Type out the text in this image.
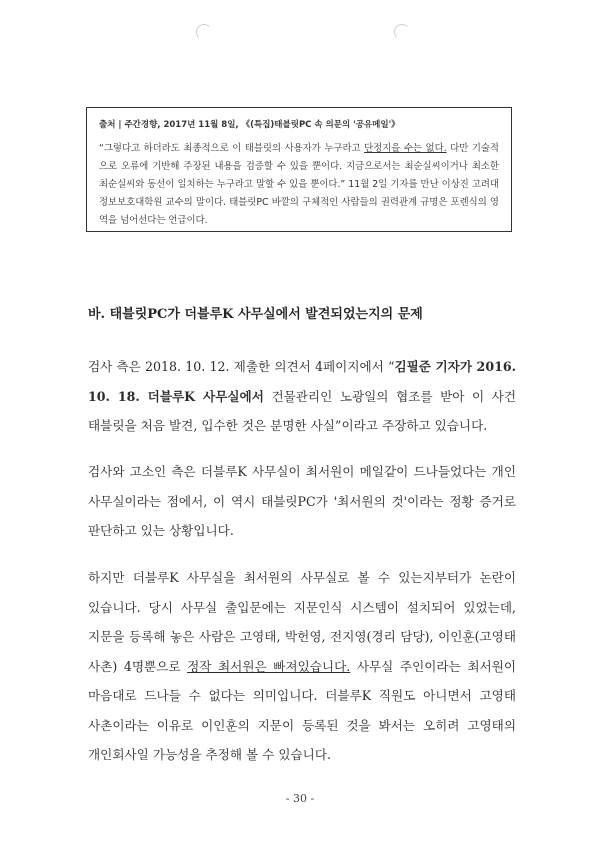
출처 | 주간경향, 2017년 11월 8일, 《(특집)태블릿PC 속 의문의 '공유메일'》

“그렇다고 하더라도 최종적으로 이 태블릿의 사용자가 누구라고 단정지을 수는 없다. 다만 기술적으로 오류에 기반해 주장된 내용을 검증할 수 있을 뿐이다. 지금으로서는 최순실씨이거나 최소한 최순실씨와 동선이 일치하는 누구라고 말할 수 있을 뿐이다.” 11월 2일 기자를 만난 이상진 고려대 정보보호대학원 교수의 말이다. 태블릿PC 바깥의 구체적인 사람들의 권력관계 규명은 포렌식의 영역을 넘어선다는 언급이다.

바. 태블릿PC가 더블루K 사무실에서 발견되었는지의 문제

검사 측은 2018. 10. 12. 제출한 의견서 4페이지에서 “김필준 기자가 2016. 10. 18. 더블루K 사무실에서 건물관리인 노광일의 협조를 받아 이 사건 태블릿을 처음 발견, 입수한 것은 분명한 사실”이라고 주장하고 있습니다.

검사와 고소인 측은 더블루K 사무실이 최서원이 메일같이 드나들었다는 개인 사무실이라는 점에서, 이 역시 태블릿PC가 '최서원의 것'이라는 정황 증거로 판단하고 있는 상황입니다.

하지만 더블루K 사무실을 최서원의 사무실로 볼 수 있는지부터가 논란이 있습니다. 당시 사무실 출입문에는 지문인식 시스템이 설치되어 있었는데, 지문을 등록해 놓은 사람은 고영태, 박헌영, 전지영(경리 담당), 이인훈(고영태 사촌) 4명뿐으로 정작 최서원은 빠져있습니다. 사무실 주인이라는 최서원이 마음대로 드나들 수 없다는 의미입니다. 더블루K 직원도 아니면서 고영태 사촌이라는 이유로 이인훈의 지문이 등록된 것을 봐서는 오히려 고영태의 개인회사일 가능성을 추정해 볼 수 있습니다.

- 30 -
